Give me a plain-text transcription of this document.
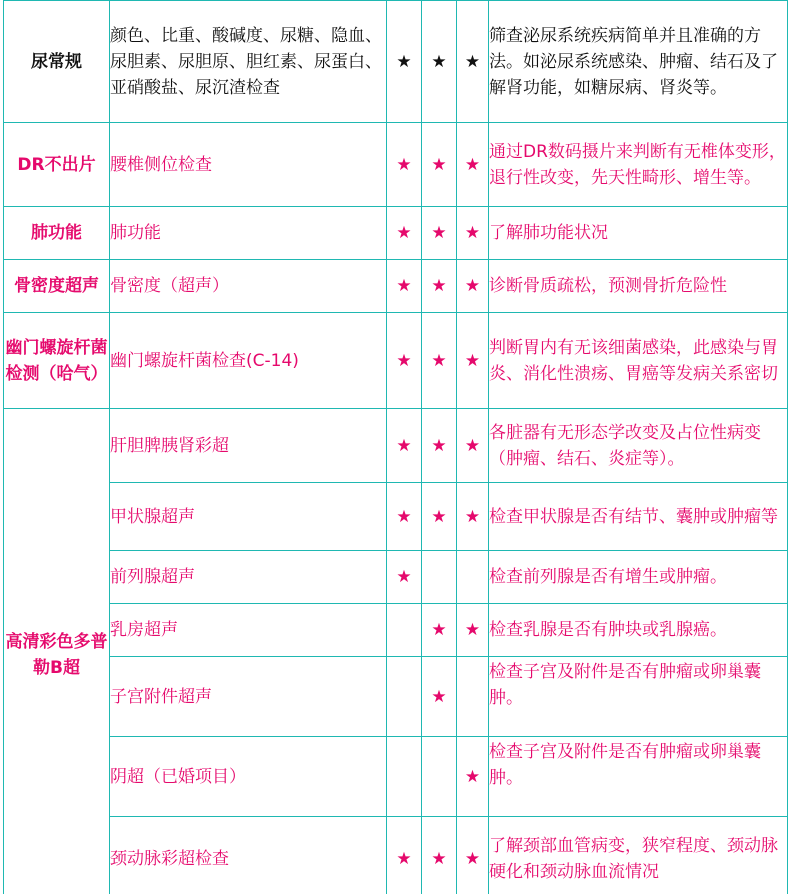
尿常规	颜色、比重、酸碱度、尿糖、隐血、尿胆素、尿胆原、胆红素、尿蛋白、亚硝酸盐、尿沉渣检查	★	★	★	筛查泌尿系统疾病简单并且准确的方法。如泌尿系统感染、肿瘤、结石及了解肾功能，如糖尿病、肾炎等。
DR不出片	腰椎侧位检查	★	★	★	通过DR数码摄片来判断有无椎体变形，退行性改变，先天性畸形、增生等。
肺功能	肺功能	★	★	★	了解肺功能状况
骨密度超声	骨密度（超声）	★	★	★	诊断骨质疏松，预测骨折危险性
幽门螺旋杆菌检测（哈气）	幽门螺旋杆菌检查(C-14)	★	★	★	判断胃内有无该细菌感染，此感染与胃炎、消化性溃疡、胃癌等发病关系密切
高清彩色多普勒B超	肝胆脾胰肾彩超	★	★	★	各脏器有无形态学改变及占位性病变（肿瘤、结石、炎症等）。
	甲状腺超声	★	★	★	检查甲状腺是否有结节、囊肿或肿瘤等
	前列腺超声	★			检查前列腺是否有增生或肿瘤。
	乳房超声		★	★	检查乳腺是否有肿块或乳腺癌。
	子宫附件超声		★		检查子宫及附件是否有肿瘤或卵巢囊肿。
	阴超（已婚项目）			★	检查子宫及附件是否有肿瘤或卵巢囊肿。
	颈动脉彩超检查	★	★	★	了解颈部血管病变，狭窄程度、颈动脉硬化和颈动脉血流情况
